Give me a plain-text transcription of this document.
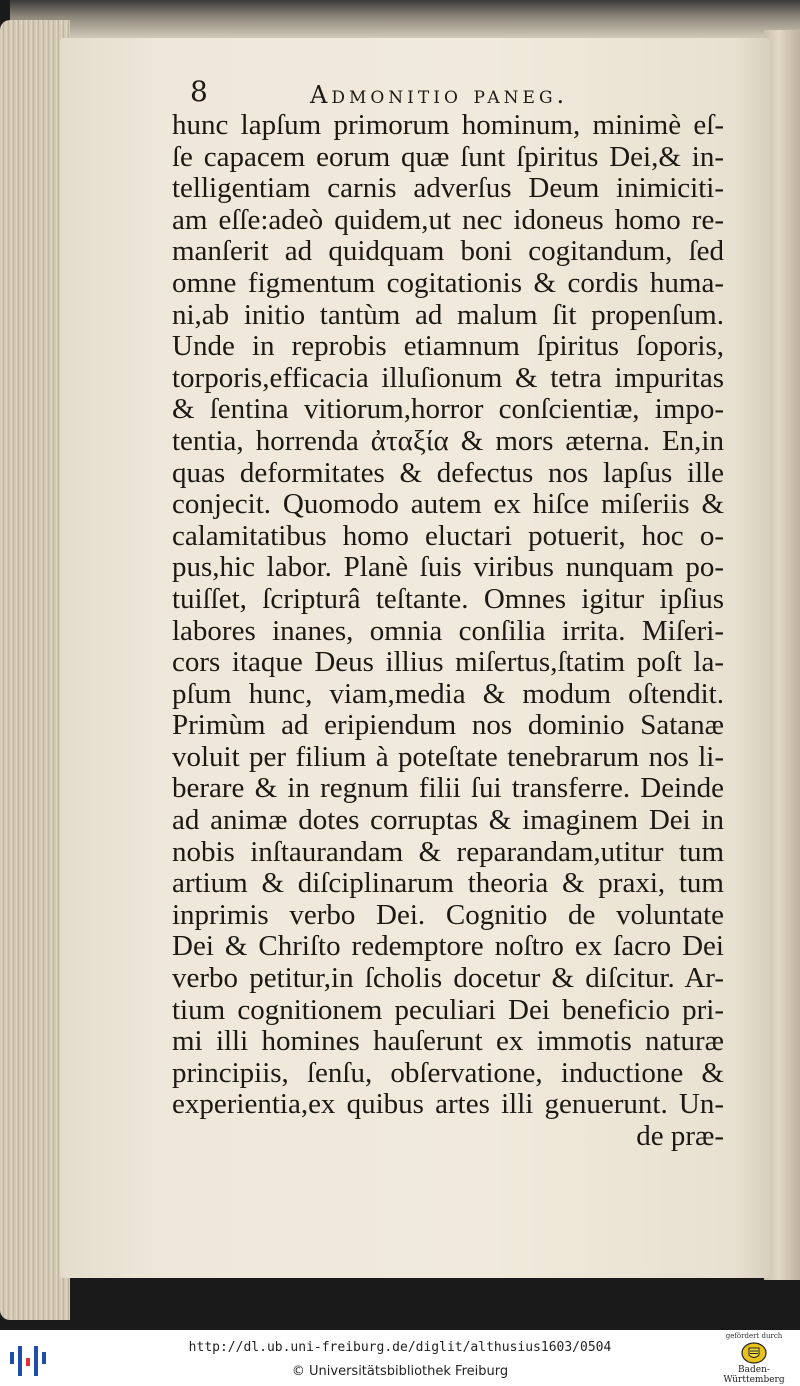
8	Admonitio paneg.
hunc lapſum primorum hominum, minimè eſ-
ſe capacem eorum quæ ſunt ſpiritus Dei,& in-
telligentiam carnis adverſus Deum inimiciti-
am eſſe:adeò quidem,ut nec idoneus homo re-
manſerit ad quidquam boni cogitandum, ſed
omne figmentum cogitationis & cordis huma-
ni,ab initio tantùm ad malum ſit propenſum.
Unde in reprobis etiamnum ſpiritus ſoporis,
torporis,efficacia illuſionum & tetra impuritas
& ſentina vitiorum,horror conſcientiæ, impo-
tentia, horrenda ἀταξία & mors æterna. En,in
quas deformitates & defectus nos lapſus ille
conjecit. Quomodo autem ex hiſce miſeriis &
calamitatibus homo eluctari potuerit, hoc o-
pus,hic labor. Planè ſuis viribus nunquam po-
tuiſſet, ſcripturâ teſtante. Omnes igitur ipſius
labores inanes, omnia conſilia irrita. Miſeri-
cors itaque Deus illius miſertus,ſtatim poſt la-
pſum hunc, viam,media & modum oſtendit.
Primùm ad eripiendum nos dominio Satanæ
voluit per filium à poteſtate tenebrarum nos li-
berare & in regnum filii ſui transferre. Deinde
ad animæ dotes corruptas & imaginem Dei in
nobis inſtaurandam & reparandam,utitur tum
artium & diſciplinarum theoria & praxi, tum
inprimis verbo Dei. Cognitio de voluntate
Dei & Chriſto redemptore noſtro ex ſacro Dei
verbo petitur,in ſcholis docetur & diſcitur. Ar-
tium cognitionem peculiari Dei beneficio pri-
mi illi homines hauſerunt ex immotis naturæ
principiis, ſenſu, obſervatione, inductione &
experientia,ex quibus artes illi genuerunt. Un-
de præ-
http://dl.ub.uni-freiburg.de/diglit/althusius1603/0504
© Universitätsbibliothek Freiburg
gefördert durch
Baden-Württemberg
